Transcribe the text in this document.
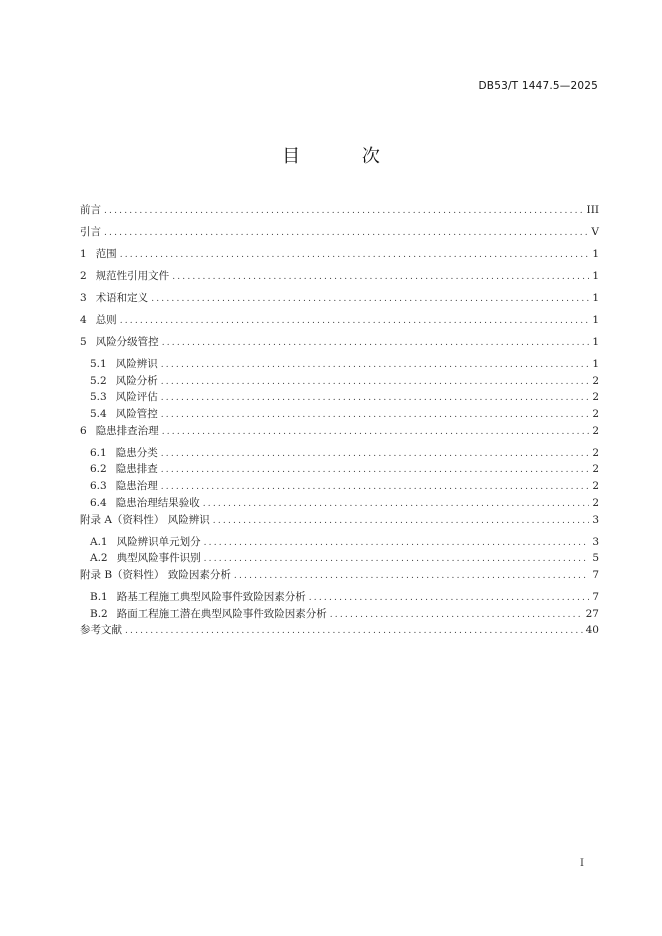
DB53/T 1447.5—2025
目 次
前言 .....	III
引言 .....	V
1 范围 .....	1
2 规范性引用文件 .....	1
3 术语和定义 .....	1
4 总则 .....	1
5 风险分级管控 .....	1
5.1 风险辨识 .....	1
5.2 风险分析 .....	2
5.3 风险评估 .....	2
5.4 风险管控 .....	2
6 隐患排查治理 .....	2
6.1 隐患分类 .....	2
6.2 隐患排查 .....	2
6.3 隐患治理 .....	2
6.4 隐患治理结果验收 .....	2
附录 A（资料性） 风险辨识 .....	3
A.1 风险辨识单元划分 .....	3
A.2 典型风险事件识别 .....	5
附录 B（资料性） 致险因素分析 .....	7
B.1 路基工程施工典型风险事件致险因素分析 .....	7
B.2 路面工程施工潜在典型风险事件致险因素分析 .....	27
参考文献 .....	40
I
